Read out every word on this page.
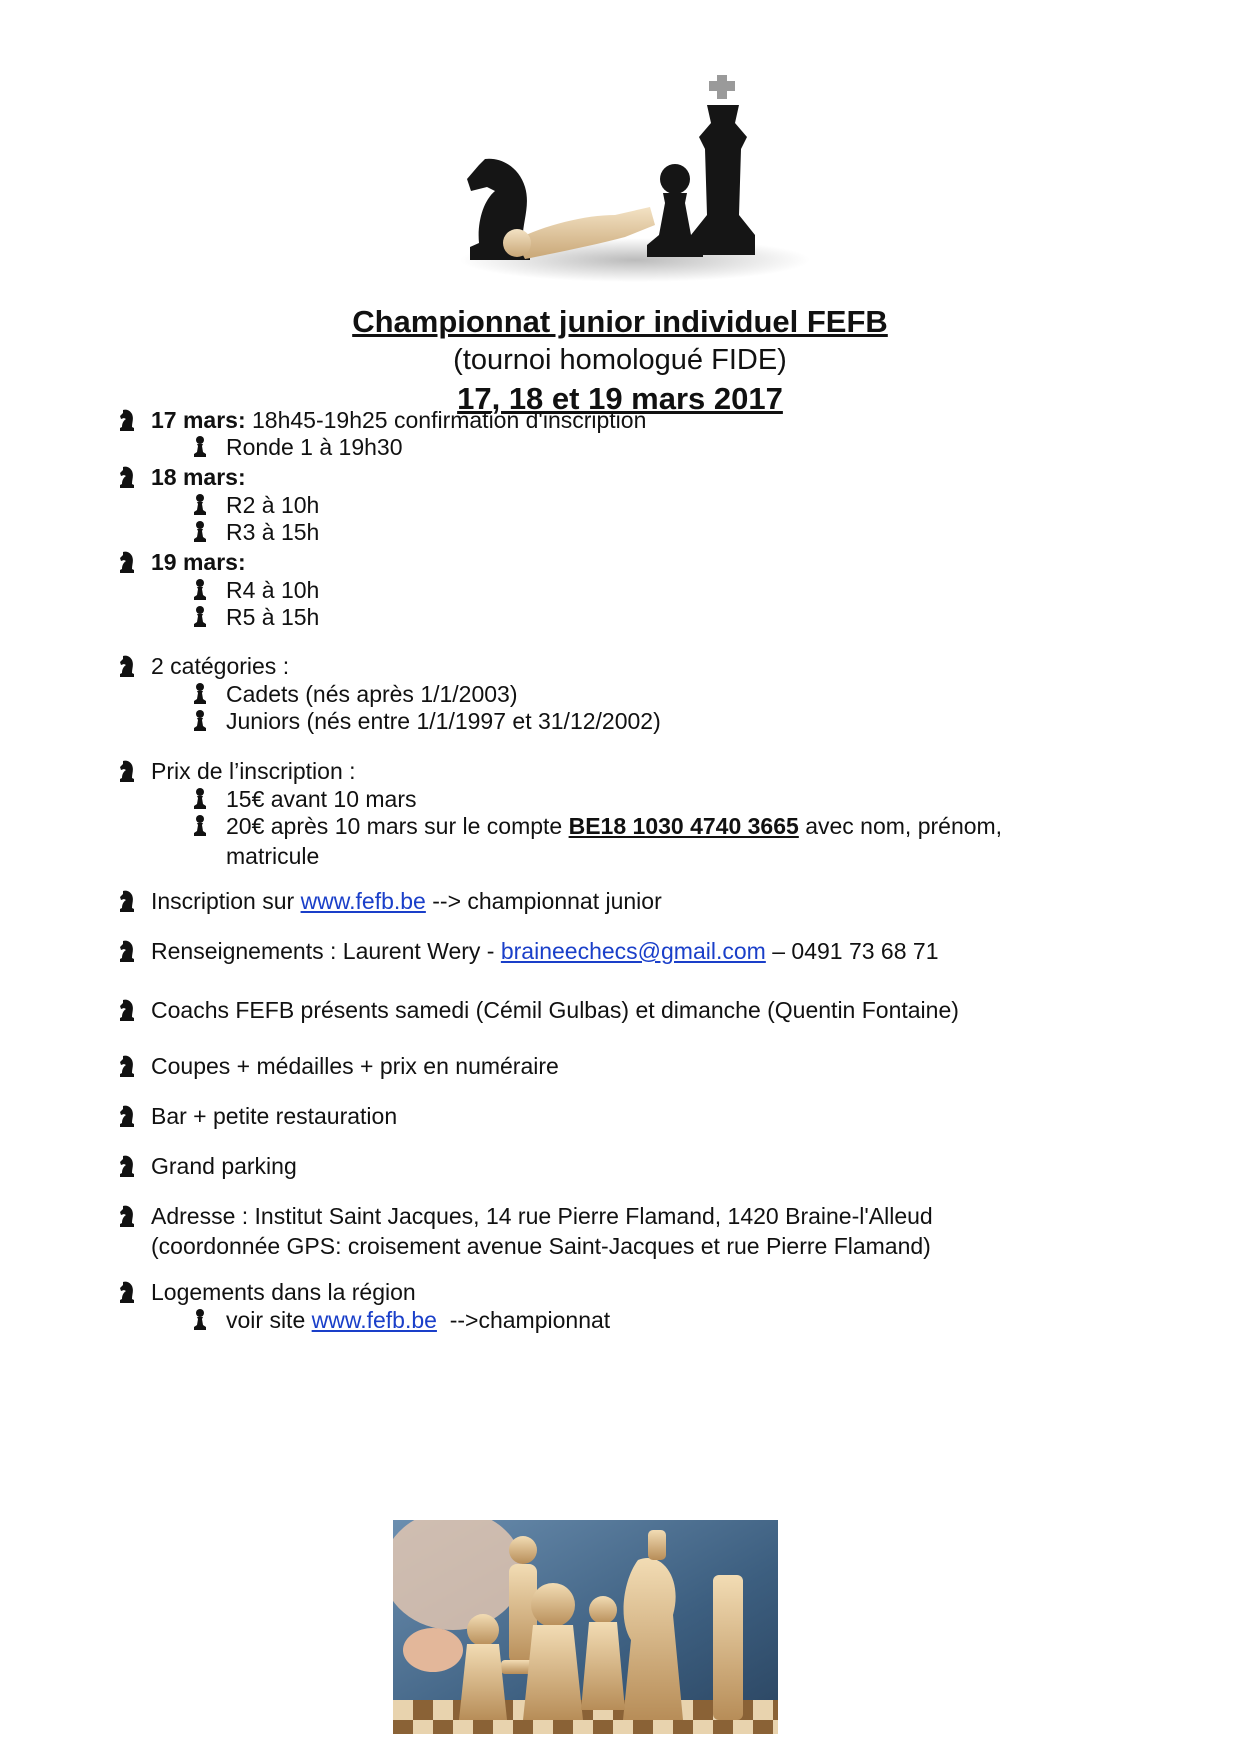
Championnat junior individuel FEFB
(tournoi homologué FIDE)
17, 18 et 19 mars 2017
17 mars: 18h45-19h25 confirmation d'inscription
Ronde 1 à 19h30
18 mars:
R2 à 10h
R3 à 15h
19 mars:
R4 à 10h
R5 à 15h
2 catégories :
Cadets (nés après 1/1/2003)
Juniors (nés entre 1/1/1997 et 31/12/2002)
Prix de l’inscription :
15€ avant 10 mars
20€ après 10 mars sur le compte BE18 1030 4740 3665 avec nom, prénom,
matricule
Inscription sur www.fefb.be --> championnat junior
Renseignements : Laurent Wery - braineechecs@gmail.com – 0491 73 68 71
Coachs FEFB présents samedi (Cémil Gulbas) et dimanche (Quentin Fontaine)
Coupes + médailles + prix en numéraire
Bar + petite restauration
Grand parking
Adresse : Institut Saint Jacques, 14 rue Pierre Flamand, 1420 Braine-l'Alleud
(coordonnée GPS: croisement avenue Saint-Jacques et rue Pierre Flamand)
Logements dans la région
voir site www.fefb.be  -->championnat
